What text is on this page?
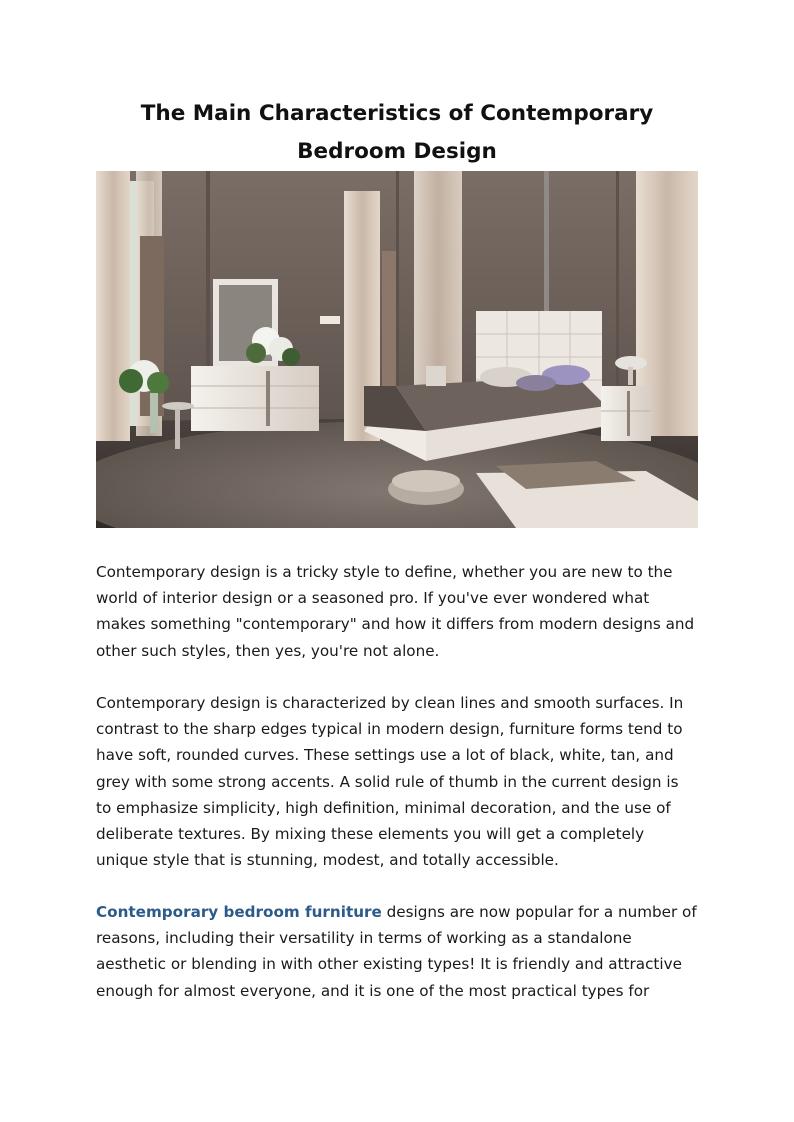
The Main Characteristics of Contemporary Bedroom Design

Contemporary design is a tricky style to define, whether you are new to the world of interior design or a seasoned pro. If you've ever wondered what makes something "contemporary" and how it differs from modern designs and other such styles, then yes, you're not alone.

Contemporary design is characterized by clean lines and smooth surfaces. In contrast to the sharp edges typical in modern design, furniture forms tend to have soft, rounded curves. These settings use a lot of black, white, tan, and grey with some strong accents. A solid rule of thumb in the current design is to emphasize simplicity, high definition, minimal decoration, and the use of deliberate textures. By mixing these elements you will get a completely unique style that is stunning, modest, and totally accessible.

Contemporary bedroom furniture designs are now popular for a number of reasons, including their versatility in terms of working as a standalone aesthetic or blending in with other existing types! It is friendly and attractive enough for almost everyone, and it is one of the most practical types for
